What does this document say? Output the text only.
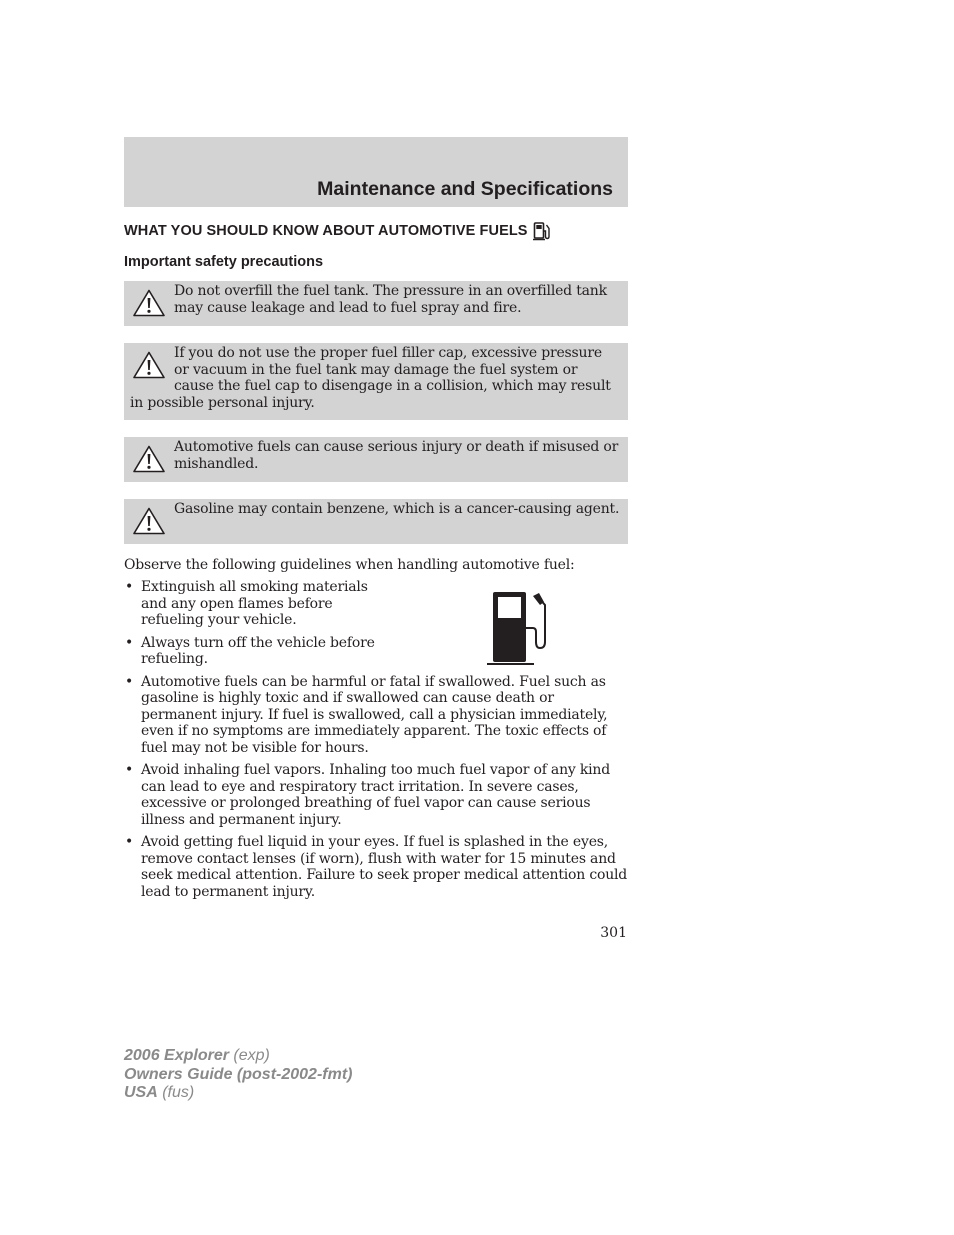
Maintenance and Specifications
WHAT YOU SHOULD KNOW ABOUT AUTOMOTIVE FUELS
Important safety precautions
Do not overfill the fuel tank. The pressure in an overfilled tank may cause leakage and lead to fuel spray and fire.
If you do not use the proper fuel filler cap, excessive pressure or vacuum in the fuel tank may damage the fuel system or cause the fuel cap to disengage in a collision, which may result in possible personal injury.
Automotive fuels can cause serious injury or death if misused or mishandled.
Gasoline may contain benzene, which is a cancer-causing agent.

Observe the following guidelines when handling automotive fuel:

• Extinguish all smoking materials and any open flames before refueling your vehicle.
• Always turn off the vehicle before refueling.
• Automotive fuels can be harmful or fatal if swallowed. Fuel such as gasoline is highly toxic and if swallowed can cause death or permanent injury. If fuel is swallowed, call a physician immediately, even if no symptoms are immediately apparent. The toxic effects of fuel may not be visible for hours.
• Avoid inhaling fuel vapors. Inhaling too much fuel vapor of any kind can lead to eye and respiratory tract irritation. In severe cases, excessive or prolonged breathing of fuel vapor can cause serious illness and permanent injury.
• Avoid getting fuel liquid in your eyes. If fuel is splashed in the eyes, remove contact lenses (if worn), flush with water for 15 minutes and seek medical attention. Failure to seek proper medical attention could lead to permanent injury.

301

2006 Explorer (exp)
Owners Guide (post-2002-fmt)
USA (fus)
